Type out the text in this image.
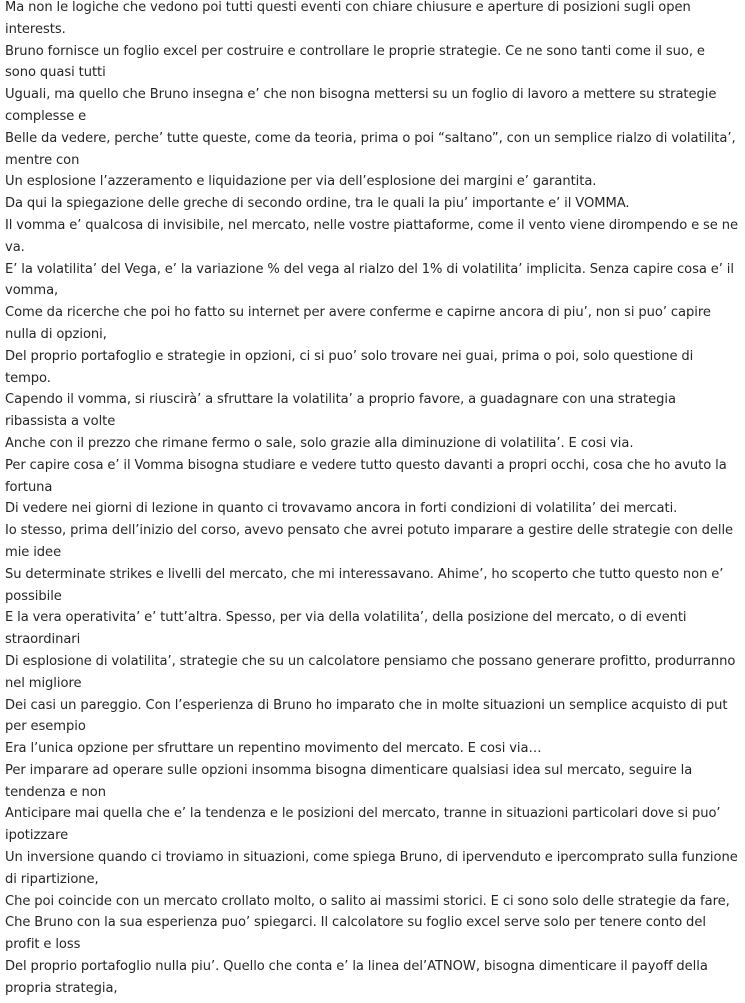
Ma non le logiche che vedono poi tutti questi eventi con chiare chiusure e aperture di posizioni sugli open interests.
Bruno fornisce un foglio excel per costruire e controllare le proprie strategie. Ce ne sono tanti come il suo, e sono quasi tutti
Uguali, ma quello che Bruno insegna e’ che non bisogna mettersi su un foglio di lavoro a mettere su strategie complesse e
Belle da vedere, perche’ tutte queste, come da teoria, prima o poi “saltano”, con un semplice rialzo di volatilita’, mentre con
Un esplosione l’azzeramento e liquidazione per via dell’esplosione dei margini e’ garantita.
Da qui la spiegazione delle greche di secondo ordine, tra le quali la piu’ importante e’ il VOMMA.
Il vomma e’ qualcosa di invisibile, nel mercato, nelle vostre piattaforme, come il vento viene dirompendo e se ne va.
E’ la volatilita’ del Vega, e’ la variazione % del vega al rialzo del 1% di volatilita’ implicita. Senza capire cosa e’ il vomma,
Come da ricerche che poi ho fatto su internet per avere conferme e capirne ancora di piu’, non si puo’ capire nulla di opzioni,
Del proprio portafoglio e strategie in opzioni, ci si puo’ solo trovare nei guai, prima o poi, solo questione di tempo.
Capendo il vomma, si riuscirà’ a sfruttare la volatilita’ a proprio favore, a guadagnare con una strategia ribassista a volte
Anche con il prezzo che rimane fermo o sale, solo grazie alla diminuzione di volatilita’. E cosi via.
Per capire cosa e’ il Vomma bisogna studiare e vedere tutto questo davanti a propri occhi, cosa che ho avuto la fortuna
Di vedere nei giorni di lezione in quanto ci trovavamo ancora in forti condizioni di volatilita’ dei mercati.
Io stesso, prima dell’inizio del corso, avevo pensato che avrei potuto imparare a gestire delle strategie con delle mie idee
Su determinate strikes e livelli del mercato, che mi interessavano. Ahime’, ho scoperto che tutto questo non e’ possibile
E la vera operativita’ e’ tutt’altra. Spesso, per via della volatilita’, della posizione del mercato, o di eventi straordinari
Di esplosione di volatilita’, strategie che su un calcolatore pensiamo che possano generare profitto, produrranno nel migliore
Dei casi un pareggio. Con l’esperienza di Bruno ho imparato che in molte situazioni un semplice acquisto di put per esempio
Era l’unica opzione per sfruttare un repentino movimento del mercato. E cosi via…
Per imparare ad operare sulle opzioni insomma bisogna dimenticare qualsiasi idea sul mercato, seguire la tendenza e non
Anticipare mai quella che e’ la tendenza e le posizioni del mercato, tranne in situazioni particolari dove si puo’ ipotizzare
Un inversione quando ci troviamo in situazioni, come spiega Bruno, di ipervenduto e ipercomprato sulla funzione di ripartizione,
Che poi coincide con un mercato crollato molto, o salito ai massimi storici. E ci sono solo delle strategie da fare,
Che Bruno con la sua esperienza puo’ spiegarci. Il calcolatore su foglio excel serve solo per tenere conto del profit e loss
Del proprio portafoglio nulla piu’. Quello che conta e’ la linea del’ATNOW, bisogna dimenticare il payoff della propria strategia,
